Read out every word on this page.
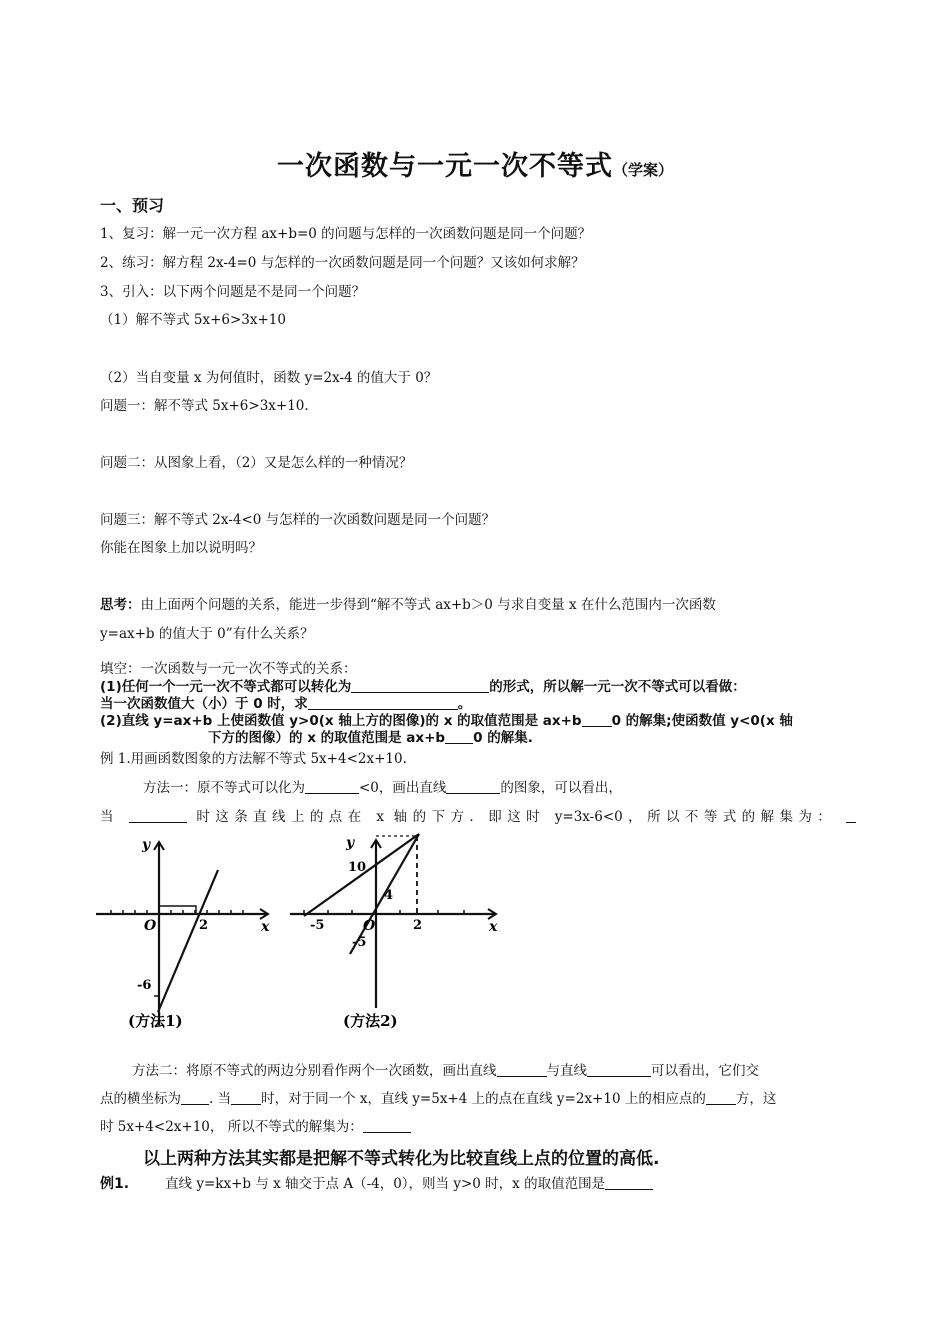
一次函数与一元一次不等式（学案）
一、预习
1、复习：解一元一次方程 ax+b=0 的问题与怎样的一次函数问题是同一个问题？
2、练习：解方程 2x-4=0 与怎样的一次函数问题是同一个问题？又该如何求解？
3、引入：以下两个问题是不是同一个问题？
（1）解不等式 5x+6>3x+10
（2）当自变量 x 为何值时，函数 y=2x-4 的值大于 0？
问题一：解不等式 5x+6>3x+10.
问题二：从图象上看，（2）又是怎么样的一种情况？
问题三：解不等式 2x-4<0 与怎样的一次函数问题是同一个问题？
你能在图象上加以说明吗？
思考：由上面两个问题的关系，能进一步得到“解不等式 ax+b＞0 与求自变量 x 在什么范围内一次函数
y=ax+b 的值大于 0”有什么关系？
填空：一次函数与一元一次不等式的关系：
(1)任何一个一元一次不等式都可以转化为	的形式，所以解一元一次不等式可以看做：
当一次函数值大（小）于 0 时，求	。
(2)直线 y=ax+b 上使函数值 y>0(x 轴上方的图像)的 x 的取值范围是 ax+b 0 的解集;使函数值 y<0(x 轴
下方的图像）的 x 的取值范围是 ax+b 0 的解集.
例 1.用画函数图象的方法解不等式 5x+4<2x+10.
方法一：原不等式可以化为	<0，画出直线	的图象，可以看出，
当	时这条直线上的点在 x 轴的下方．即这时 y=3x-6<0，所以不等式的解集为：
y
x
O	2
-6
(方法1)
y
x
O
-5	2
10
4
-5
(方法2)
方法二：将原不等式的两边分别看作两个一次函数，画出直线	与直线	可以看出，它们交
点的横坐标为 . 当 时，对于同一个 x，直线 y=5x+4 上的点在直线 y=2x+10 上的相应点的 方，这
时 5x+4<2x+10， 所以不等式的解集为：
以上两种方法其实都是把解不等式转化为比较直线上点的位置的高低.
例1.	直线 y=kx+b 与 x 轴交于点 A（-4，0），则当 y>0 时，x 的取值范围是
